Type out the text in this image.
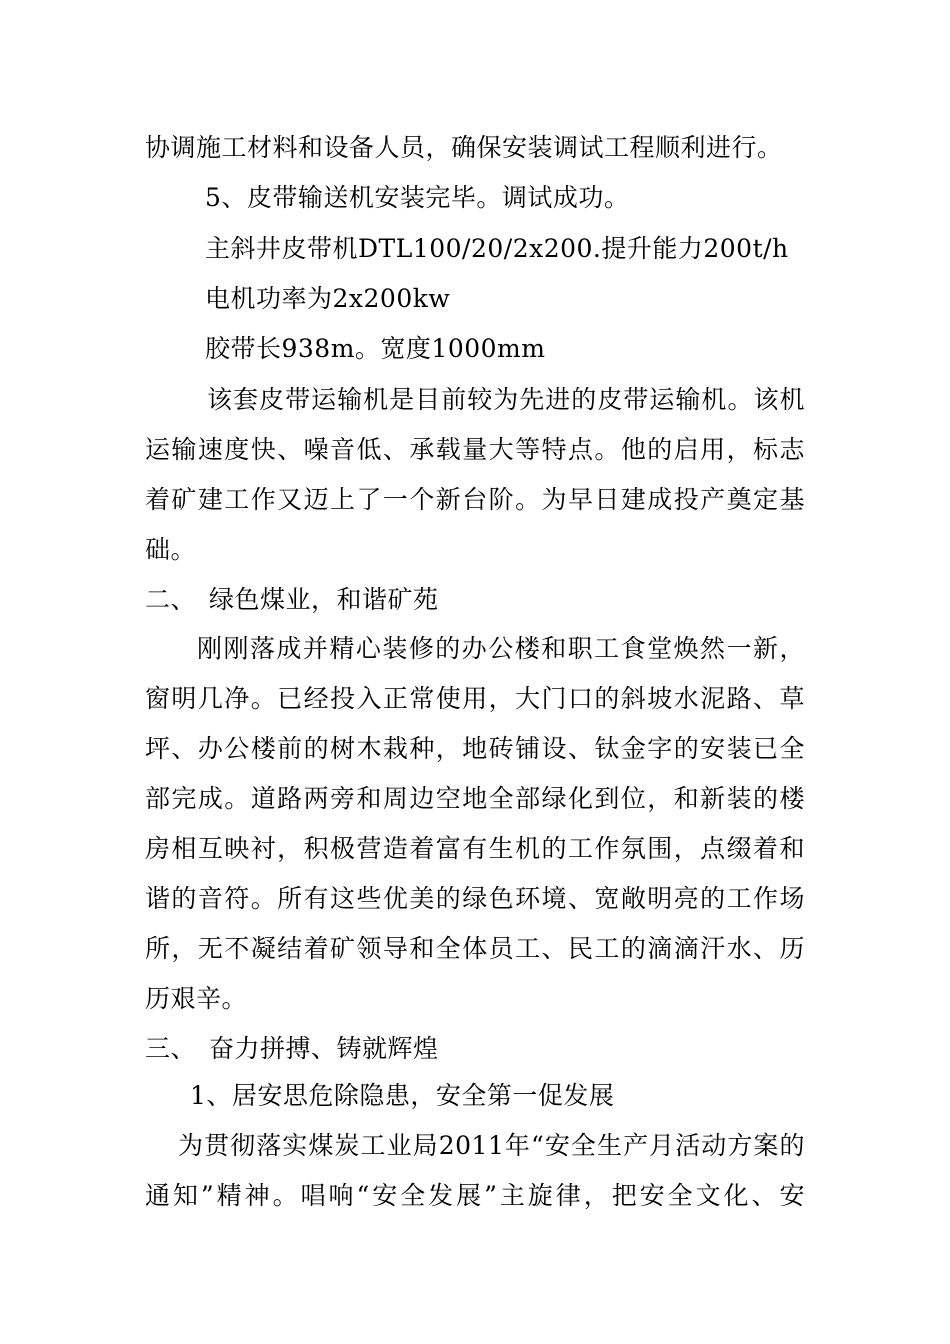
协调施工材料和设备人员，确保安装调试工程顺利进行。
5、皮带输送机安装完毕。调试成功。
主斜井皮带机DTL100/20/2x200.提升能力200t/h
电机功率为2x200kw
胶带长938m。宽度1000mm
该套皮带运输机是目前较为先进的皮带运输机。该机
运输速度快、噪音低、承载量大等特点。他的启用，标志
着矿建工作又迈上了一个新台阶。为早日建成投产奠定基
础。
二、　绿色煤业，和谐矿苑
刚刚落成并精心装修的办公楼和职工食堂焕然一新，
窗明几净。已经投入正常使用，大门口的斜坡水泥路、草
坪、办公楼前的树木栽种，地砖铺设、钛金字的安装已全
部完成。道路两旁和周边空地全部绿化到位，和新装的楼
房相互映衬，积极营造着富有生机的工作氛围，点缀着和
谐的音符。所有这些优美的绿色环境、宽敞明亮的工作场
所，无不凝结着矿领导和全体员工、民工的滴滴汗水、历
历艰辛。
三、　奋力拼搏、铸就辉煌
1、居安思危除隐患，安全第一促发展
为贯彻落实煤炭工业局2011年“安全生产月活动方案的
通知”精神。唱响“安全发展”主旋律，把安全文化、安
